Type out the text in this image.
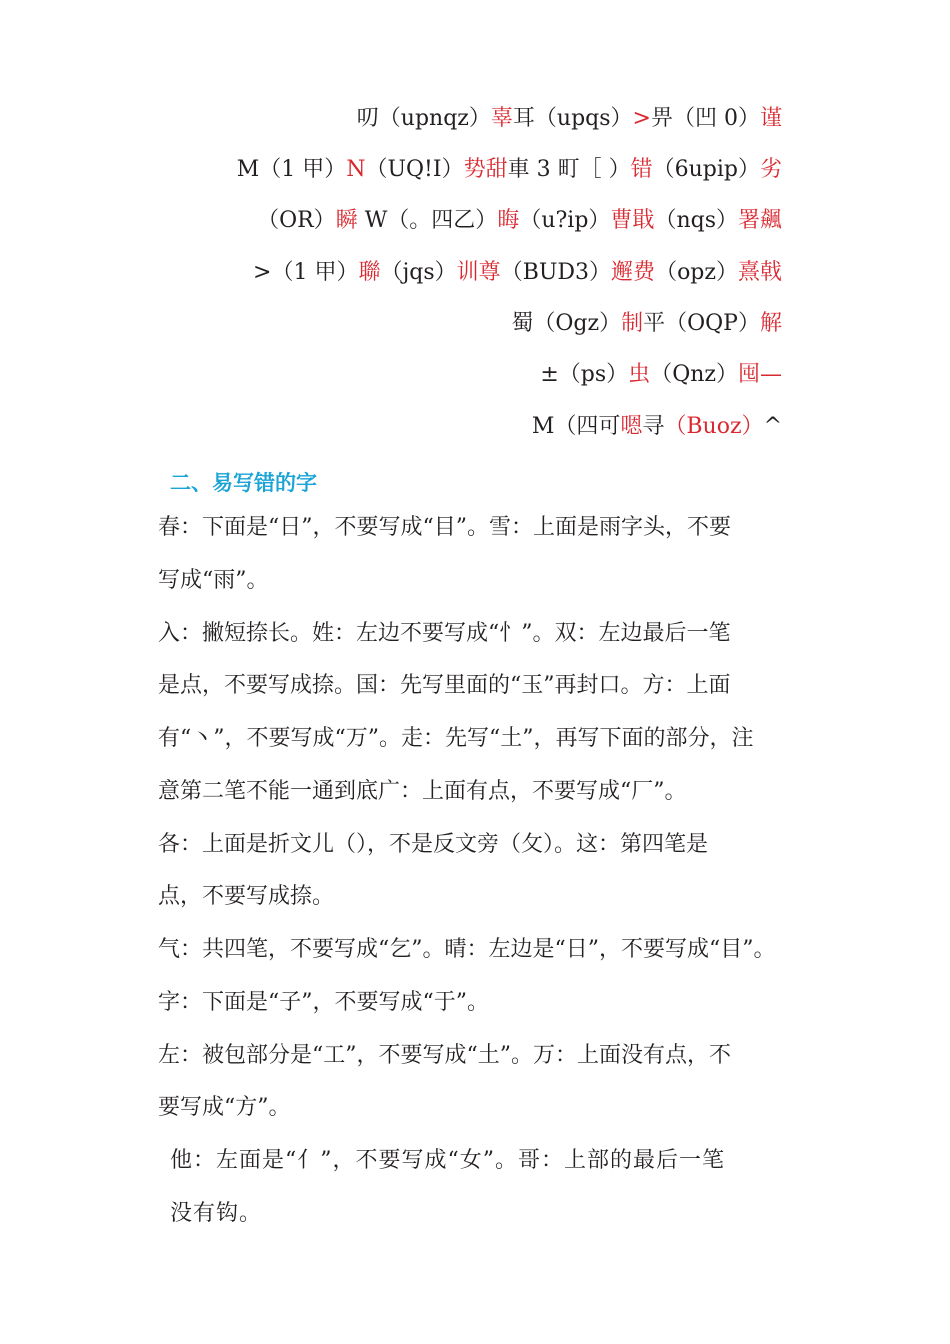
叨（upnqz）辜耳（upqs）>畀（凹 0）谨
M（1 甲）N（UQ!I）势甜車 3 町［ ）错（6upip）劣
（OR）瞬 W（。四乙）晦（u?ip）曹戢（nqs）署飆
>（1 甲）聯（jqs）训尊（BUD3）邂费（opz）熹戟
蜀（Ogz）制平（OQP）解
±（ps）虫（Qnz）囤—
M（四可嗯寻（Buoz）^
二、易写错的字
春：下面是“日”，不要写成“目”。雪：上面是雨字头，不要
写成“雨”。
入：撇短捺长。姓：左边不要写成“忄”。双：左边最后一笔
是点，不要写成捺。国：先写里面的“玉”再封口。方：上面
有“丶”，不要写成“万”。走：先写“土”，再写下面的部分，注
意第二笔不能一通到底广：上面有点，不要写成“厂”。
各：上面是折文儿（），不是反文旁（攵）。这：第四笔是
点，不要写成捺。
气：共四笔，不要写成“乞”。晴：左边是“日”，不要写成“目”。
字：下面是“子”，不要写成“于”。
左：被包部分是“工”，不要写成“土”。万：上面没有点，不
要写成“方”。
他：左面是“亻”，不要写成“女”。哥：上部的最后一笔
没有钩。
